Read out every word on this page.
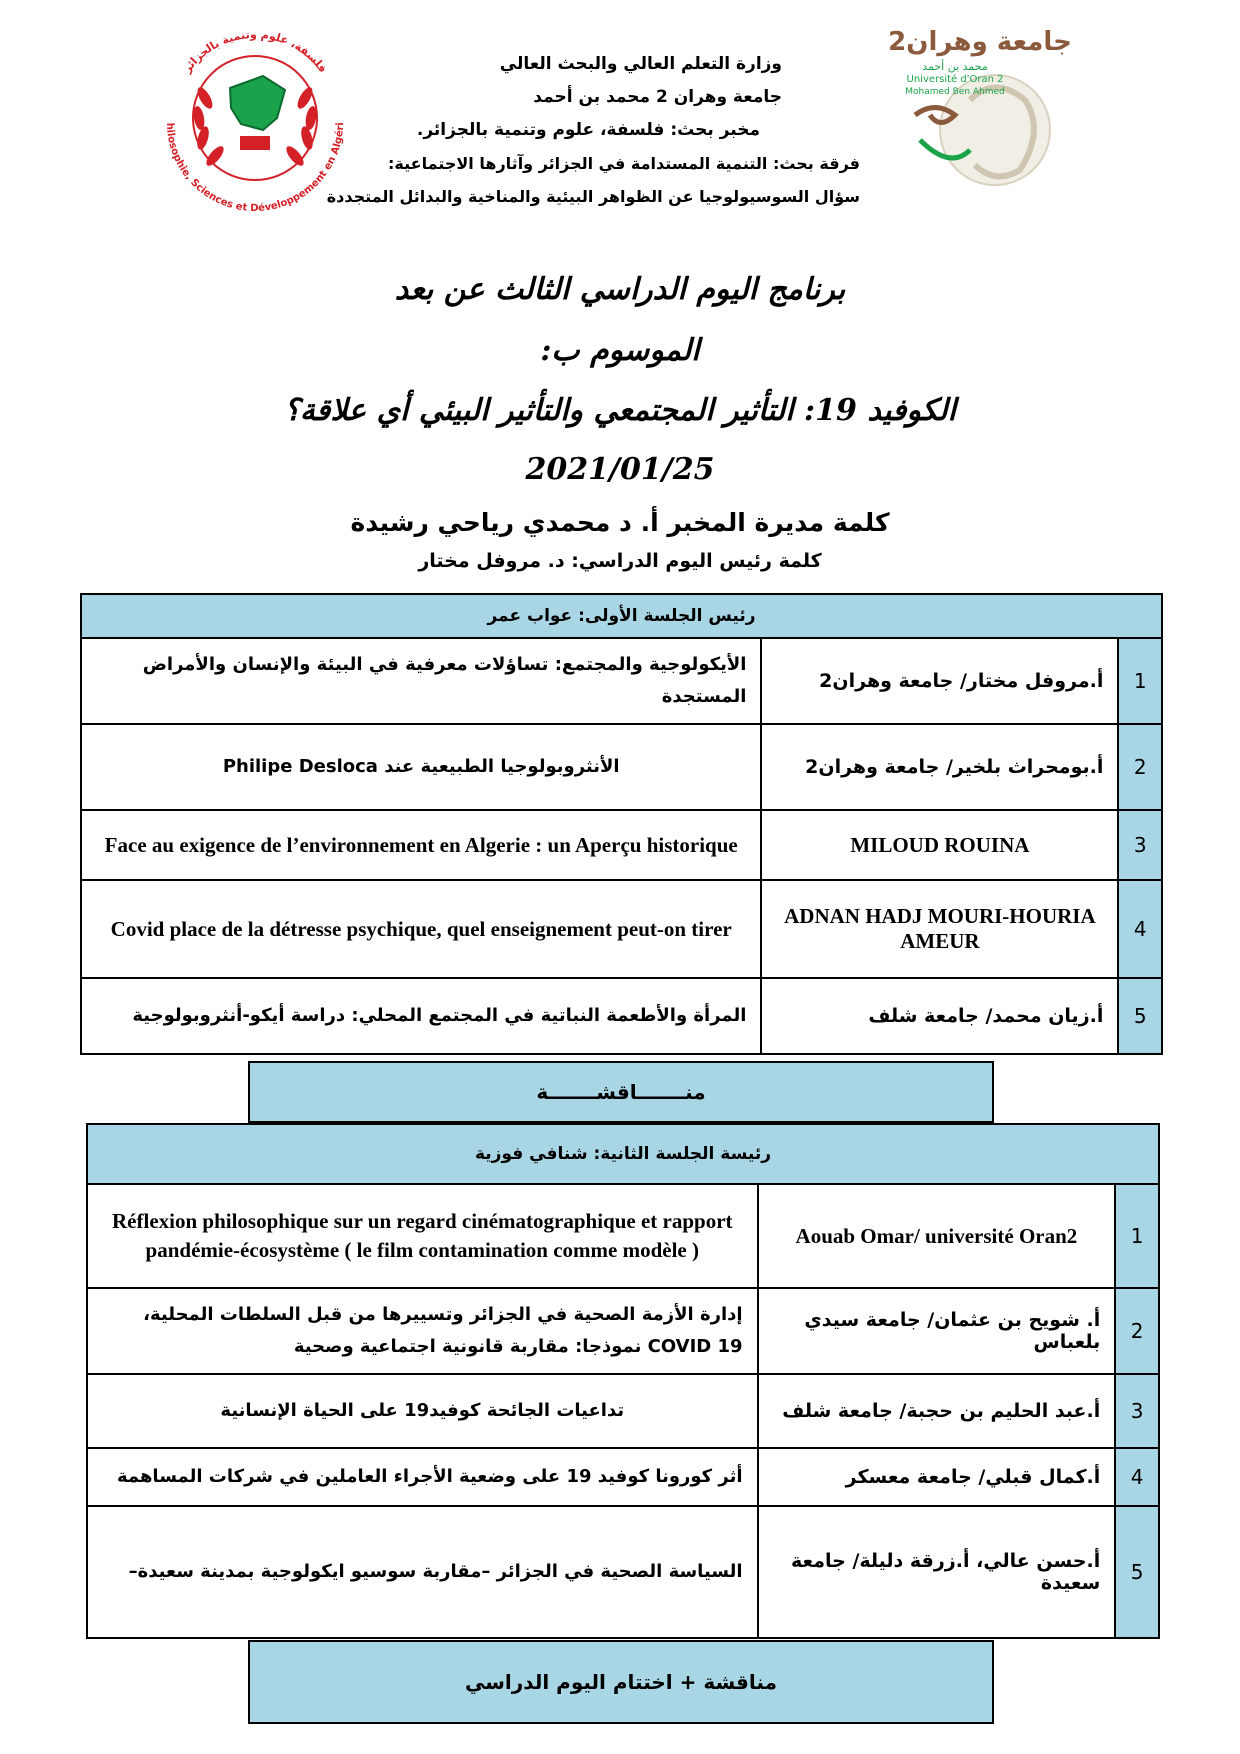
فلسفة، علوم وتنمية بالجزائر
hilosophie, Sciences et Développement en Algéri
جامعة وهران2
محمد بن أحمد
Université d'Oran 2
Mohamed Ben Ahmed
وزارة التعلم العالي والبحث العالي
جامعة وهران 2 محمد بن أحمد
مخبر بحث: فلسفة، علوم وتنمية بالجزائر.
فرقة بحث: التنمية المستدامة في الجزائر وآثارها الاجتماعية:
سؤال السوسيولوجيا عن الظواهر البيئية والمناخية والبدائل المتجددة
برنامج اليوم الدراسي الثالث عن بعد
الموسوم ب:
الكوفيد 19: التأثير المجتمعي والتأثير البيئي أي علاقة؟
2021/01/25
كلمة مديرة المخبر أ. د محمدي رياحي رشيدة
كلمة رئيس اليوم الدراسي: د. مروفل مختار
رئيس الجلسة الأولى: عواب عمر		
الأيكولوجية والمجتمع: تساؤلات معرفية في البيئة والإنسان والأمراض المستجدة	أ.مروفل مختار/ جامعة وهران2	1
الأنثروبولوجيا الطبيعية عند Philipe Desloca	أ.بومحراث بلخير/ جامعة وهران2	2
Face au exigence de l’environnement en Algerie : un Aperçu historique	MILOUD ROUINA	3
Covid place de la détresse psychique, quel enseignement peut-on tirer	ADNAN HADJ MOURI-HOURIA AMEUR	4
المرأة والأطعمة النباتية في المجتمع المحلي: دراسة أيكو-أنثروبولوجية	أ.زيان محمد/ جامعة شلف	5
منـــــــاقشـــــــة
رئيسة الجلسة الثانية: شنافي فوزية		
Réflexion philosophique sur un regard cinématographique et rapport pandémie-écosystème ( le film contamination comme modèle )	Aouab Omar/ université Oran2	1
إدارة الأزمة الصحية في الجزائر وتسييرها من قبل السلطات المحلية، COVID 19 نموذجا: مقاربة قانونية اجتماعية وصحية	أ. شويح بن عثمان/ جامعة سيدي بلعباس	2
تداعيات الجائحة كوفيد19 على الحياة الإنسانية	أ.عبد الحليم بن حجبة/ جامعة شلف	3
أثر كورونا كوفيد 19 على وضعية الأجراء العاملين في شركات المساهمة	أ.كمال قبلي/ جامعة معسكر	4
السياسة الصحية في الجزائر –مقاربة سوسيو ايكولوجية بمدينة سعيدة–	أ.حسن عالي، أ.زرقة دليلة/ جامعة سعيدة	5
مناقشة + اختتام اليوم الدراسي
